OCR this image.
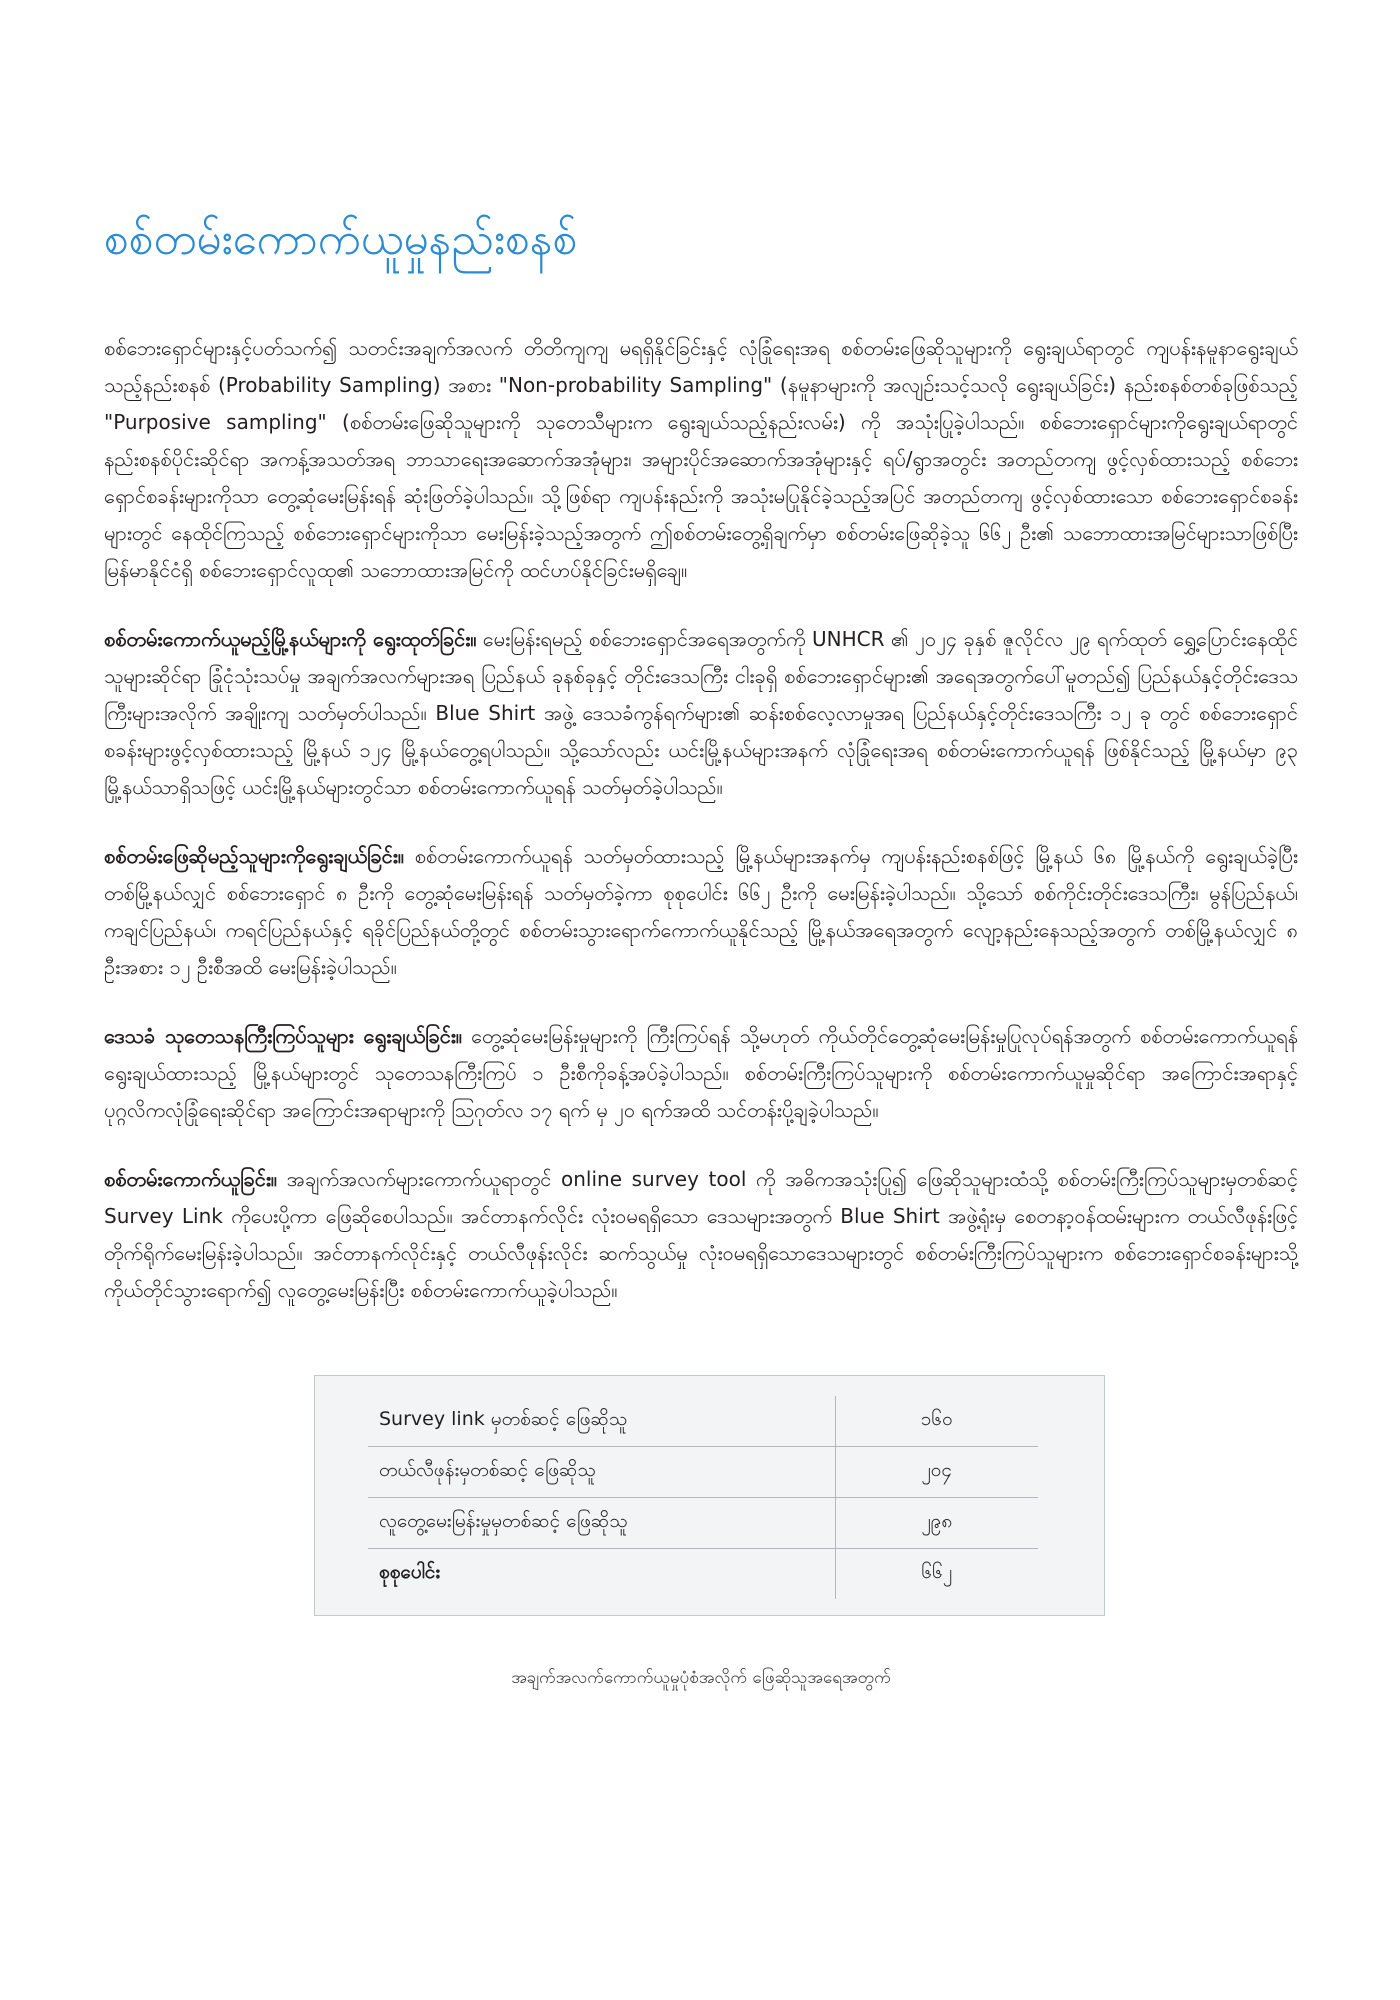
စစ်တမ်းကောက်ယူမှုနည်းစနစ်

စစ်ဘေးရှောင်များနှင့်ပတ်သက်၍ သတင်းအချက်အလက် တိတိကျကျ မရရှိနိုင်ခြင်းနှင့် လုံခြုံရေးအရ စစ်တမ်းဖြေဆိုသူများကို ရွေးချယ်ရာတွင် ကျပန်းနမူနာရွေးချယ်သည့်နည်းစနစ် (Probability Sampling) အစား "Non-probability Sampling" (နမူနာများကို အလျဉ်းသင့်သလို ရွေးချယ်ခြင်း) နည်းစနစ်တစ်ခုဖြစ်သည့် "Purposive sampling" (စစ်တမ်းဖြေဆိုသူများကို သုတေသီများက ရွေးချယ်သည့်နည်းလမ်း) ကို အသုံးပြုခဲ့ပါသည်။ စစ်ဘေးရှောင်များကိုရွေးချယ်ရာတွင် နည်းစနစ်ပိုင်းဆိုင်ရာ အကန့်အသတ်အရ ဘာသာရေးအဆောက်အအုံများ၊ အများပိုင်အဆောက်အအုံများနှင့် ရပ်/ရွာအတွင်း အတည်တကျ ဖွင့်လှစ်ထားသည့် စစ်ဘေးရှောင်စခန်းများကိုသာ တွေ့ဆုံမေးမြန်းရန် ဆုံးဖြတ်ခဲ့ပါသည်။ သို့ဖြစ်ရာ ကျပန်းနည်းကို အသုံးမပြုနိုင်ခဲ့သည့်အပြင် အတည်တကျ ဖွင့်လှစ်ထားသော စစ်ဘေးရှောင်စခန်းများတွင် နေထိုင်ကြသည့် စစ်ဘေးရှောင်များကိုသာ မေးမြန်းခဲ့သည့်အတွက် ဤစစ်တမ်းတွေ့ရှိချက်မှာ စစ်တမ်းဖြေဆိုခဲ့သူ ၆၆၂ ဦး၏ သဘောထားအမြင်များသာဖြစ်ပြီး မြန်မာနိုင်ငံရှိ စစ်ဘေးရှောင်လူထု၏ သဘောထားအမြင်ကို ထင်ဟပ်နိုင်ခြင်းမရှိချေ။

စစ်တမ်းကောက်ယူမည့်မြို့နယ်များကို ရွေးထုတ်ခြင်း။ မေးမြန်းရမည့် စစ်ဘေးရှောင်အရေအတွက်ကို UNHCR ၏ ၂၀၂၄ ခုနှစ် ဇူလိုင်လ ၂၉ ရက်ထုတ် ရွှေ့ပြောင်းနေထိုင်သူများဆိုင်ရာ ခြုံငုံသုံးသပ်မှု အချက်အလက်များအရ ပြည်နယ် ခုနစ်ခုနှင့် တိုင်းဒေသကြီး ငါးခုရှိ စစ်ဘေးရှောင်များ၏ အရေအတွက်ပေါ်မူတည်၍ ပြည်နယ်နှင့်တိုင်းဒေသကြီးများအလိုက် အချိုးကျ သတ်မှတ်ပါသည်။ Blue Shirt အဖွဲ့ ဒေသခံကွန်ရက်များ၏ ဆန်းစစ်လေ့လာမှုအရ ပြည်နယ်နှင့်တိုင်းဒေသကြီး ၁၂ ခု တွင် စစ်ဘေးရှောင်စခန်းများဖွင့်လှစ်ထားသည့် မြို့နယ် ၁၂၄ မြို့နယ်တွေ့ရပါသည်။ သို့သော်လည်း ယင်းမြို့နယ်များအနက် လုံခြုံရေးအရ စစ်တမ်းကောက်ယူရန် ဖြစ်နိုင်သည့် မြို့နယ်မှာ ၉၃ မြို့နယ်သာရှိသဖြင့် ယင်းမြို့နယ်များတွင်သာ စစ်တမ်းကောက်ယူရန် သတ်မှတ်ခဲ့ပါသည်။

စစ်တမ်းဖြေဆိုမည့်သူများကိုရွေးချယ်ခြင်း။ စစ်တမ်းကောက်ယူရန် သတ်မှတ်ထားသည့် မြို့နယ်များအနက်မှ ကျပန်းနည်းစနစ်ဖြင့် မြို့နယ် ၆၈ မြို့နယ်ကို ရွေးချယ်ခဲ့ပြီး တစ်မြို့နယ်လျှင် စစ်ဘေးရှောင် ၈ ဦးကို တွေ့ဆုံမေးမြန်းရန် သတ်မှတ်ခဲ့ကာ စုစုပေါင်း ၆၆၂ ဦးကို မေးမြန်းခဲ့ပါသည်။ သို့သော် စစ်ကိုင်းတိုင်းဒေသကြီး၊ မွန်ပြည်နယ်၊ ကချင်ပြည်နယ်၊ ကရင်ပြည်နယ်နှင့် ရခိုင်ပြည်နယ်တို့တွင် စစ်တမ်းသွားရောက်ကောက်ယူနိုင်သည့် မြို့နယ်အရေအတွက် လျော့နည်းနေသည့်အတွက် တစ်မြို့နယ်လျှင် ၈ ဦးအစား ၁၂ ဦးစီအထိ မေးမြန်းခဲ့ပါသည်။

ဒေသခံ သုတေသနကြီးကြပ်သူများ ရွေးချယ်ခြင်း။ တွေ့ဆုံမေးမြန်းမှုများကို ကြီးကြပ်ရန် သို့မဟုတ် ကိုယ်တိုင်တွေ့ဆုံမေးမြန်းမှုပြုလုပ်ရန်အတွက် စစ်တမ်းကောက်ယူရန် ရွေးချယ်ထားသည့် မြို့နယ်များတွင် သုတေသနကြီးကြပ် ၁ ဦးစီကိုခန့်အပ်ခဲ့ပါသည်။ စစ်တမ်းကြီးကြပ်သူများကို စစ်တမ်းကောက်ယူမှုဆိုင်ရာ အကြောင်းအရာနှင့် ပုဂ္ဂလိကလုံခြုံရေးဆိုင်ရာ အကြောင်းအရာများကို ဩဂုတ်လ ၁၇ ရက် မှ ၂၀ ရက်အထိ သင်တန်းပို့ချခဲ့ပါသည်။

စစ်တမ်းကောက်ယူခြင်း။ အချက်အလက်များကောက်ယူရာတွင် online survey tool ကို အဓိကအသုံးပြု၍ ဖြေဆိုသူများထံသို့ စစ်တမ်းကြီးကြပ်သူများမှတစ်ဆင့် Survey Link ကိုပေးပို့ကာ ဖြေဆိုစေပါသည်။ အင်တာနက်လိုင်း လုံးဝမရရှိသော ဒေသများအတွက် Blue Shirt အဖွဲ့ရုံးမှ စေတနာ့ဝန်ထမ်းများက တယ်လီဖုန်းဖြင့် တိုက်ရိုက်မေးမြန်းခဲ့ပါသည်။ အင်တာနက်လိုင်းနှင့် တယ်လီဖုန်းလိုင်း ဆက်သွယ်မှု လုံးဝမရရှိသောဒေသများတွင် စစ်တမ်းကြီးကြပ်သူများက စစ်ဘေးရှောင်စခန်းများသို့ ကိုယ်တိုင်သွားရောက်၍ လူတွေ့မေးမြန်းပြီး စစ်တမ်းကောက်ယူခဲ့ပါသည်။

Survey link မှတစ်ဆင့် ဖြေဆိုသူ	၁၆၀
တယ်လီဖုန်းမှတစ်ဆင့် ဖြေဆိုသူ	၂၀၄
လူတွေ့မေးမြန်းမှုမှတစ်ဆင့် ဖြေဆိုသူ	၂၉၈
စုစုပေါင်း	၆၆၂
အချက်အလက်ကောက်ယူမှုပုံစံအလိုက် ဖြေဆိုသူအရေအတွက်
